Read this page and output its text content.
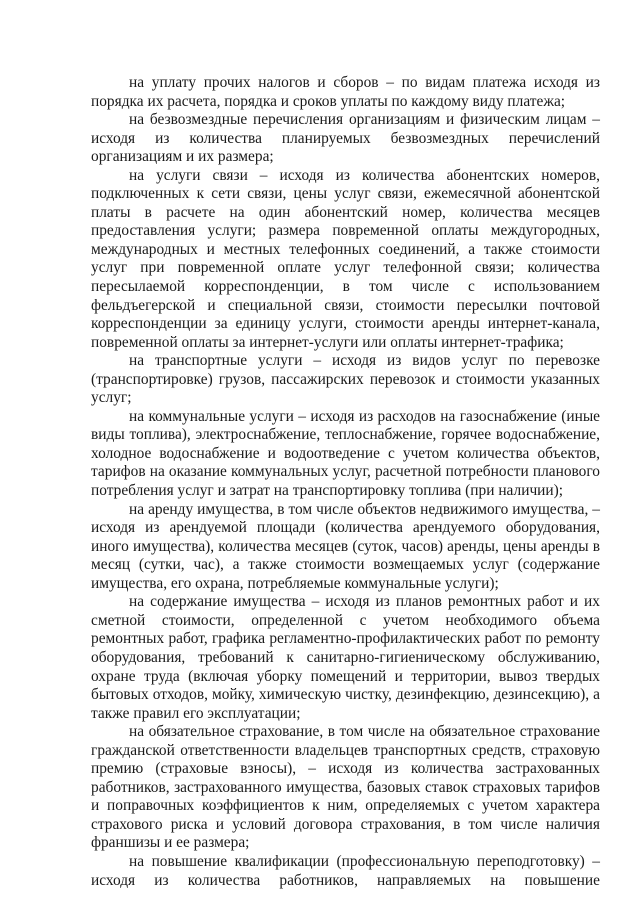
на уплату прочих налогов и сборов – по видам платежа исходя из порядка их расчета, порядка и сроков уплаты по каждому виду платежа;

на безвозмездные перечисления организациям и физическим лицам – исходя из количества планируемых безвозмездных перечислений организациям и их размера;

на услуги связи – исходя из количества абонентских номеров, подключенных к сети связи, цены услуг связи, ежемесячной абонентской платы в расчете на один абонентский номер, количества месяцев предоставления услуги; размера повременной оплаты междугородных, международных и местных телефонных соединений, а также стоимости услуг при повременной оплате услуг телефонной связи; количества пересылаемой корреспонденции, в том числе с использованием фельдъегерской и специальной связи, стоимости пересылки почтовой корреспонденции за единицу услуги, стоимости аренды интернет-канала, повременной оплаты за интернет-услуги или оплаты интернет-трафика;

на транспортные услуги – исходя из видов услуг по перевозке (транспортировке) грузов, пассажирских перевозок и стоимости указанных услуг;

на коммунальные услуги – исходя из расходов на газоснабжение (иные виды топлива), электроснабжение, теплоснабжение, горячее водоснабжение, холодное водоснабжение и водоотведение с учетом количества объектов, тарифов на оказание коммунальных услуг, расчетной потребности планового потребления услуг и затрат на транспортировку топлива (при наличии);

на аренду имущества, в том числе объектов недвижимого имущества, – исходя из арендуемой площади (количества арендуемого оборудования, иного имущества), количества месяцев (суток, часов) аренды, цены аренды в месяц (сутки, час), а также стоимости возмещаемых услуг (содержание имущества, его охрана, потребляемые коммунальные услуги);

на содержание имущества – исходя из планов ремонтных работ и их сметной стоимости, определенной с учетом необходимого объема ремонтных работ, графика регламентно-профилактических работ по ремонту оборудования, требований к санитарно-гигиеническому обслуживанию, охране труда (включая уборку помещений и территории, вывоз твердых бытовых отходов, мойку, химическую чистку, дезинфекцию, дезинсекцию), а также правил его эксплуатации;

на обязательное страхование, в том числе на обязательное страхование гражданской ответственности владельцев транспортных средств, страховую премию (страховые взносы), – исходя из количества застрахованных работников, застрахованного имущества, базовых ставок страховых тарифов и поправочных коэффициентов к ним, определяемых с учетом характера страхового риска и условий договора страхования, в том числе наличия франшизы и ее размера;

на повышение квалификации (профессиональную переподготовку) – исходя из количества работников, направляемых на повышение
